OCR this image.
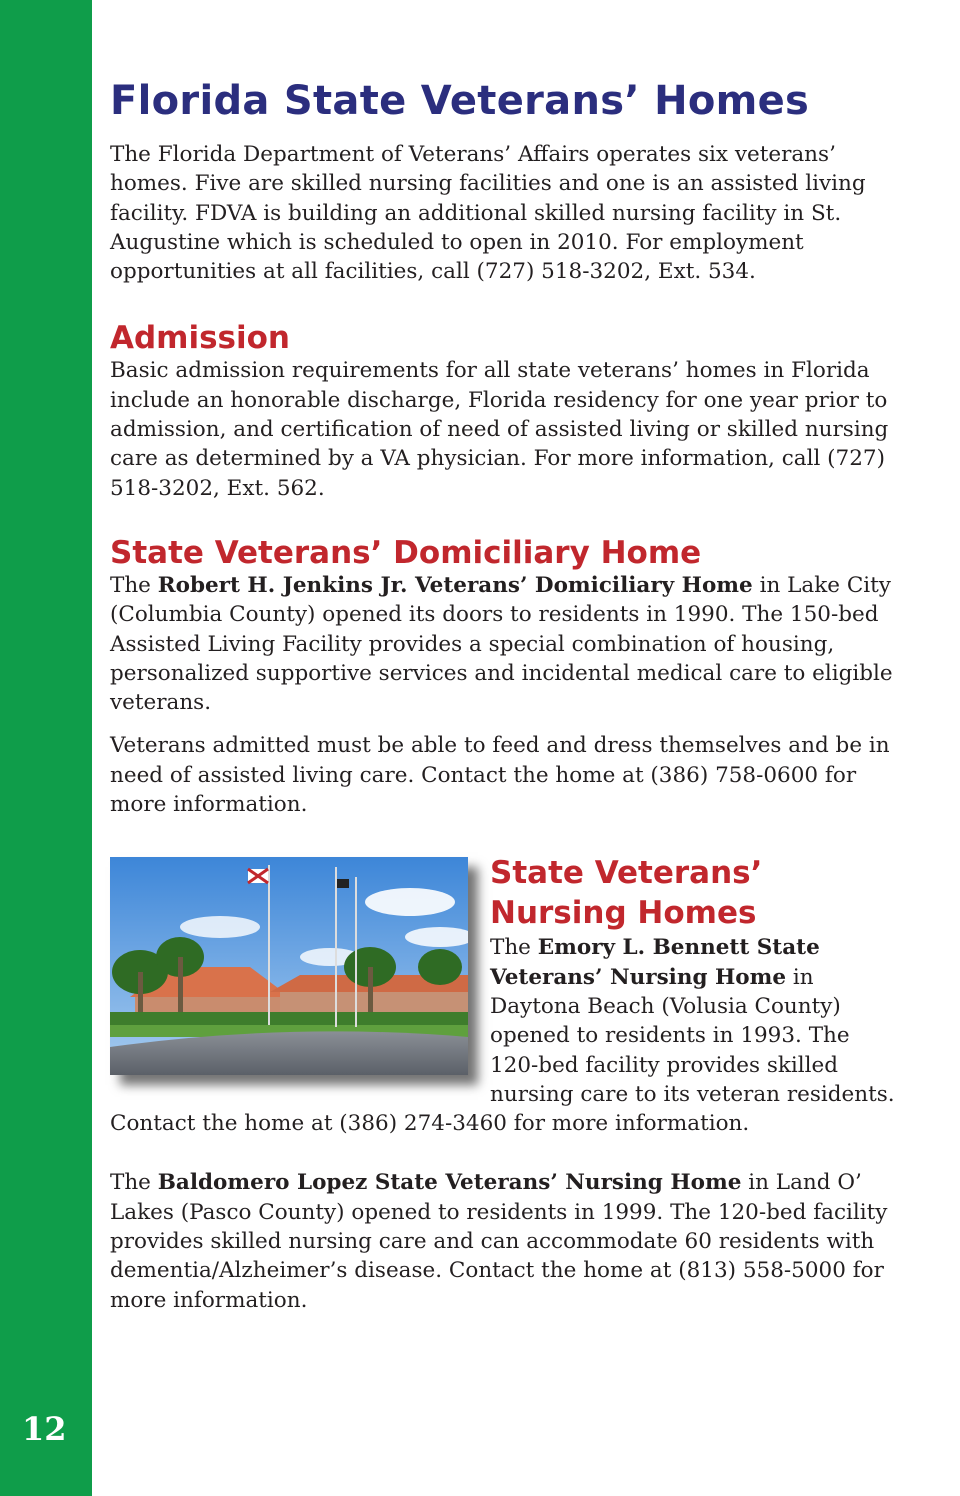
12
Florida State Veterans’ Homes

The Florida Department of Veterans’ Affairs operates six veterans’ homes. Five are skilled nursing facilities and one is an assisted living facility. FDVA is building an additional skilled nursing facility in St. Augustine which is scheduled to open in 2010. For employment opportunities at all facilities, call (727) 518-3202, Ext. 534.

Admission

Basic admission requirements for all state veterans’ homes in Florida include an honorable discharge, Florida residency for one year prior to admission, and certification of need of assisted living or skilled nursing care as determined by a VA physician. For more information, call (727) 518-3202, Ext. 562.

State Veterans’ Domiciliary Home

The Robert H. Jenkins Jr. Veterans’ Domiciliary Home in Lake City (Columbia County) opened its doors to residents in 1990. The 150-bed Assisted Living Facility provides a special combination of housing, personalized supportive services and incidental medical care to eligible veterans.

Veterans admitted must be able to feed and dress themselves and be in need of assisted living care. Contact the home at (386) 758-0600 for more information.

State Veterans’ Nursing Homes

The Emory L. Bennett State Veterans’ Nursing Home in Daytona Beach (Volusia County) opened to residents in 1993. The 120-bed facility provides skilled nursing care to its veteran residents. Contact the home at (386) 274-3460 for more information.

The Baldomero Lopez State Veterans’ Nursing Home in Land O’ Lakes (Pasco County) opened to residents in 1999. The 120-bed facility provides skilled nursing care and can accommodate 60 residents with dementia/Alzheimer’s disease. Contact the home at (813) 558-5000 for more information.
